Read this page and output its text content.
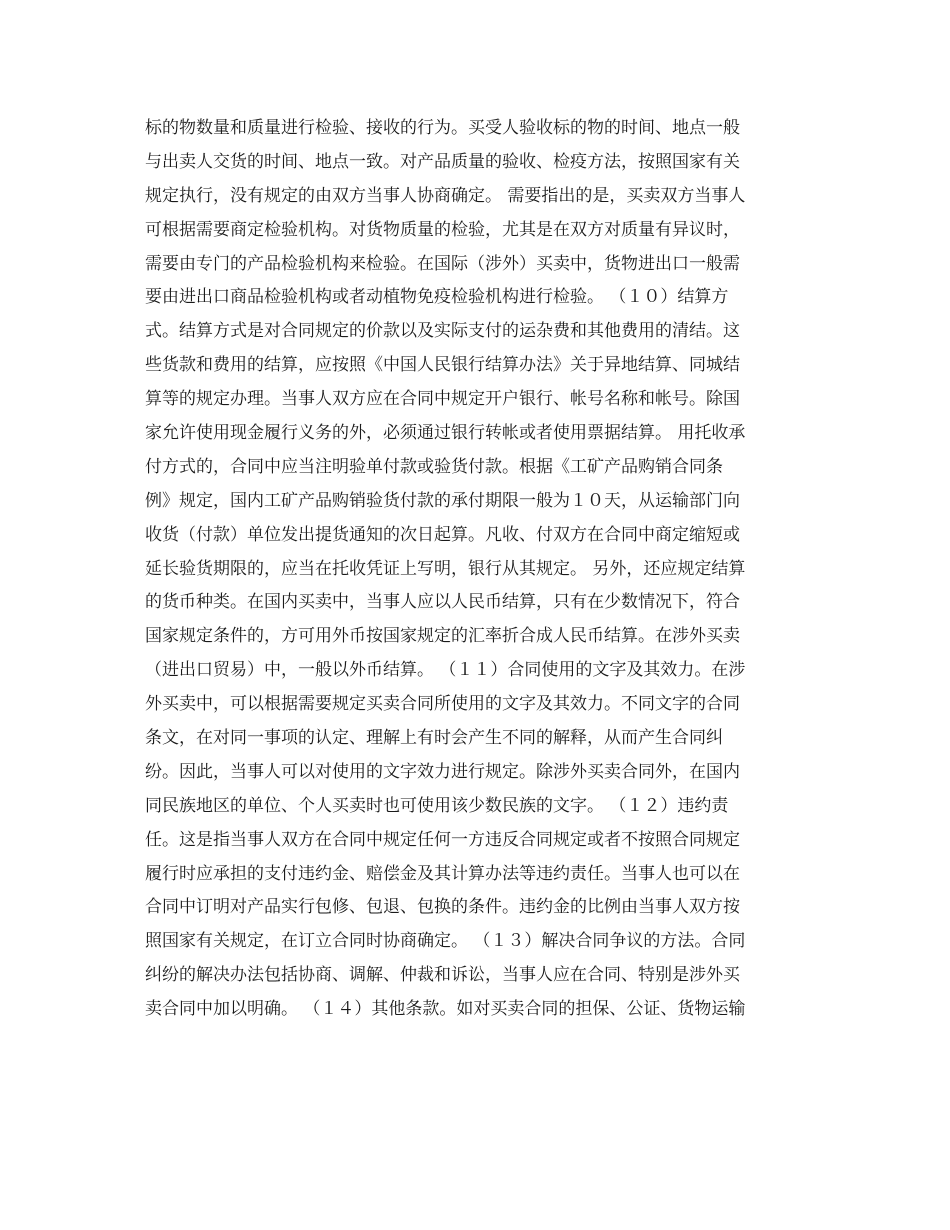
标的物数量和质量进行检验、接收的行为。买受人验收标的物的时间、地点一般
与出卖人交货的时间、地点一致。对产品质量的验收、检疫方法，按照国家有关
规定执行，没有规定的由双方当事人协商确定。 需要指出的是，买卖双方当事人
可根据需要商定检验机构。对货物质量的检验，尤其是在双方对质量有异议时，
需要由专门的产品检验机构来检验。在国际（涉外）买卖中，货物进出口一般需
要由进出口商品检验机构或者动植物免疫检验机构进行检验。 （１０）结算方
式。结算方式是对合同规定的价款以及实际支付的运杂费和其他费用的清结。这
些货款和费用的结算，应按照《中国人民银行结算办法》关于异地结算、同城结
算等的规定办理。当事人双方应在合同中规定开户银行、帐号名称和帐号。除国
家允许使用现金履行义务的外，必须通过银行转帐或者使用票据结算。 用托收承
付方式的，合同中应当注明验单付款或验货付款。根据《工矿产品购销合同条
例》规定，国内工矿产品购销验货付款的承付期限一般为１０天，从运输部门向
收货（付款）单位发出提货通知的次日起算。凡收、付双方在合同中商定缩短或
延长验货期限的，应当在托收凭证上写明，银行从其规定。 另外，还应规定结算
的货币种类。在国内买卖中，当事人应以人民币结算，只有在少数情况下，符合
国家规定条件的，方可用外币按国家规定的汇率折合成人民币结算。在涉外买卖
（进出口贸易）中，一般以外币结算。 （１１）合同使用的文字及其效力。在涉
外买卖中，可以根据需要规定买卖合同所使用的文字及其效力。不同文字的合同
条文，在对同一事项的认定、理解上有时会产生不同的解释，从而产生合同纠
纷。因此，当事人可以对使用的文字效力进行规定。除涉外买卖合同外，在国内
同民族地区的单位、个人买卖时也可使用该少数民族的文字。 （１２）违约责
任。这是指当事人双方在合同中规定任何一方违反合同规定或者不按照合同规定
履行时应承担的支付违约金、赔偿金及其计算办法等违约责任。当事人也可以在
合同中订明对产品实行包修、包退、包换的条件。违约金的比例由当事人双方按
照国家有关规定，在订立合同时协商确定。 （１３）解决合同争议的方法。合同
纠纷的解决办法包括协商、调解、仲裁和诉讼，当事人应在合同、特别是涉外买
卖合同中加以明确。 （１４）其他条款。如对买卖合同的担保、公证、货物运输
